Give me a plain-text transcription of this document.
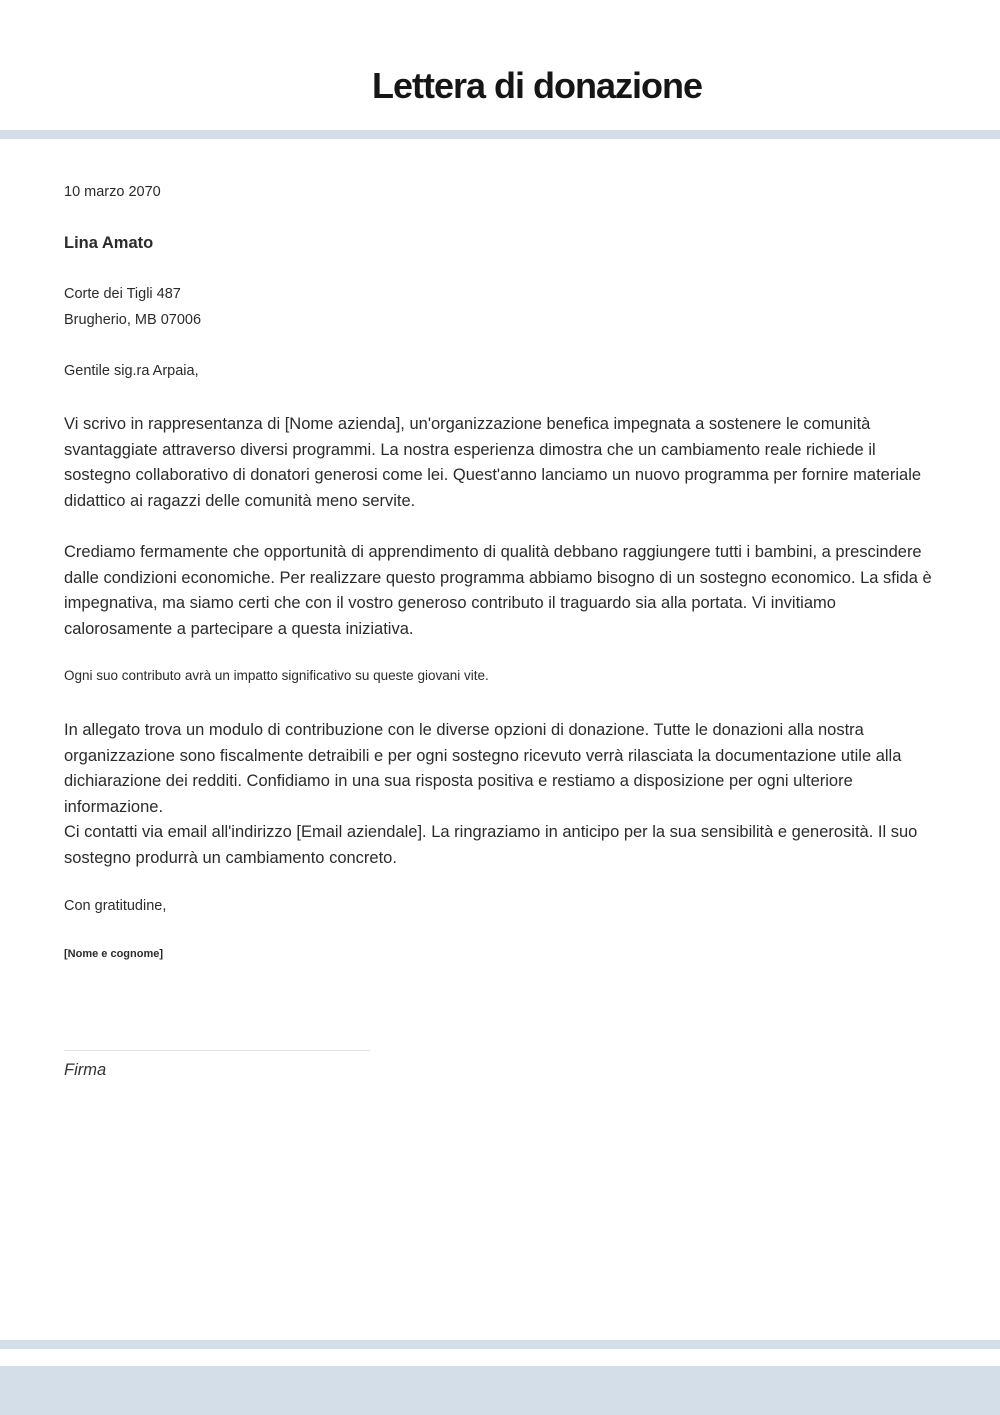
Lettera di donazione
10 marzo 2070
Lina Amato
Corte dei Tigli 487
Brugherio, MB 07006
Gentile sig.ra Arpaia,

Vi scrivo in rappresentanza di [Nome azienda], un'organizzazione benefica impegnata a sostenere le comunità svantaggiate attraverso diversi programmi. La nostra esperienza dimostra che un cambiamento reale richiede il sostegno collaborativo di donatori generosi come lei. Quest'anno lanciamo un nuovo programma per fornire materiale didattico ai ragazzi delle comunità meno servite.

Crediamo fermamente che opportunità di apprendimento di qualità debbano raggiungere tutti i bambini, a prescindere dalle condizioni economiche. Per realizzare questo programma abbiamo bisogno di un sostegno economico. La sfida è impegnativa, ma siamo certi che con il vostro generoso contributo il traguardo sia alla portata. Vi invitiamo calorosamente a partecipare a questa iniziativa.

Ogni suo contributo avrà un impatto significativo su queste giovani vite.

In allegato trova un modulo di contribuzione con le diverse opzioni di donazione. Tutte le donazioni alla nostra organizzazione sono fiscalmente detraibili e per ogni sostegno ricevuto verrà rilasciata la documentazione utile alla dichiarazione dei redditi. Confidiamo in una sua risposta positiva e restiamo a disposizione per ogni ulteriore informazione.

Ci contatti via email all'indirizzo [Email aziendale]. La ringraziamo in anticipo per la sua sensibilità e generosità. Il suo sostegno produrrà un cambiamento concreto.

Con gratitudine,
[Nome e cognome]
Firma
